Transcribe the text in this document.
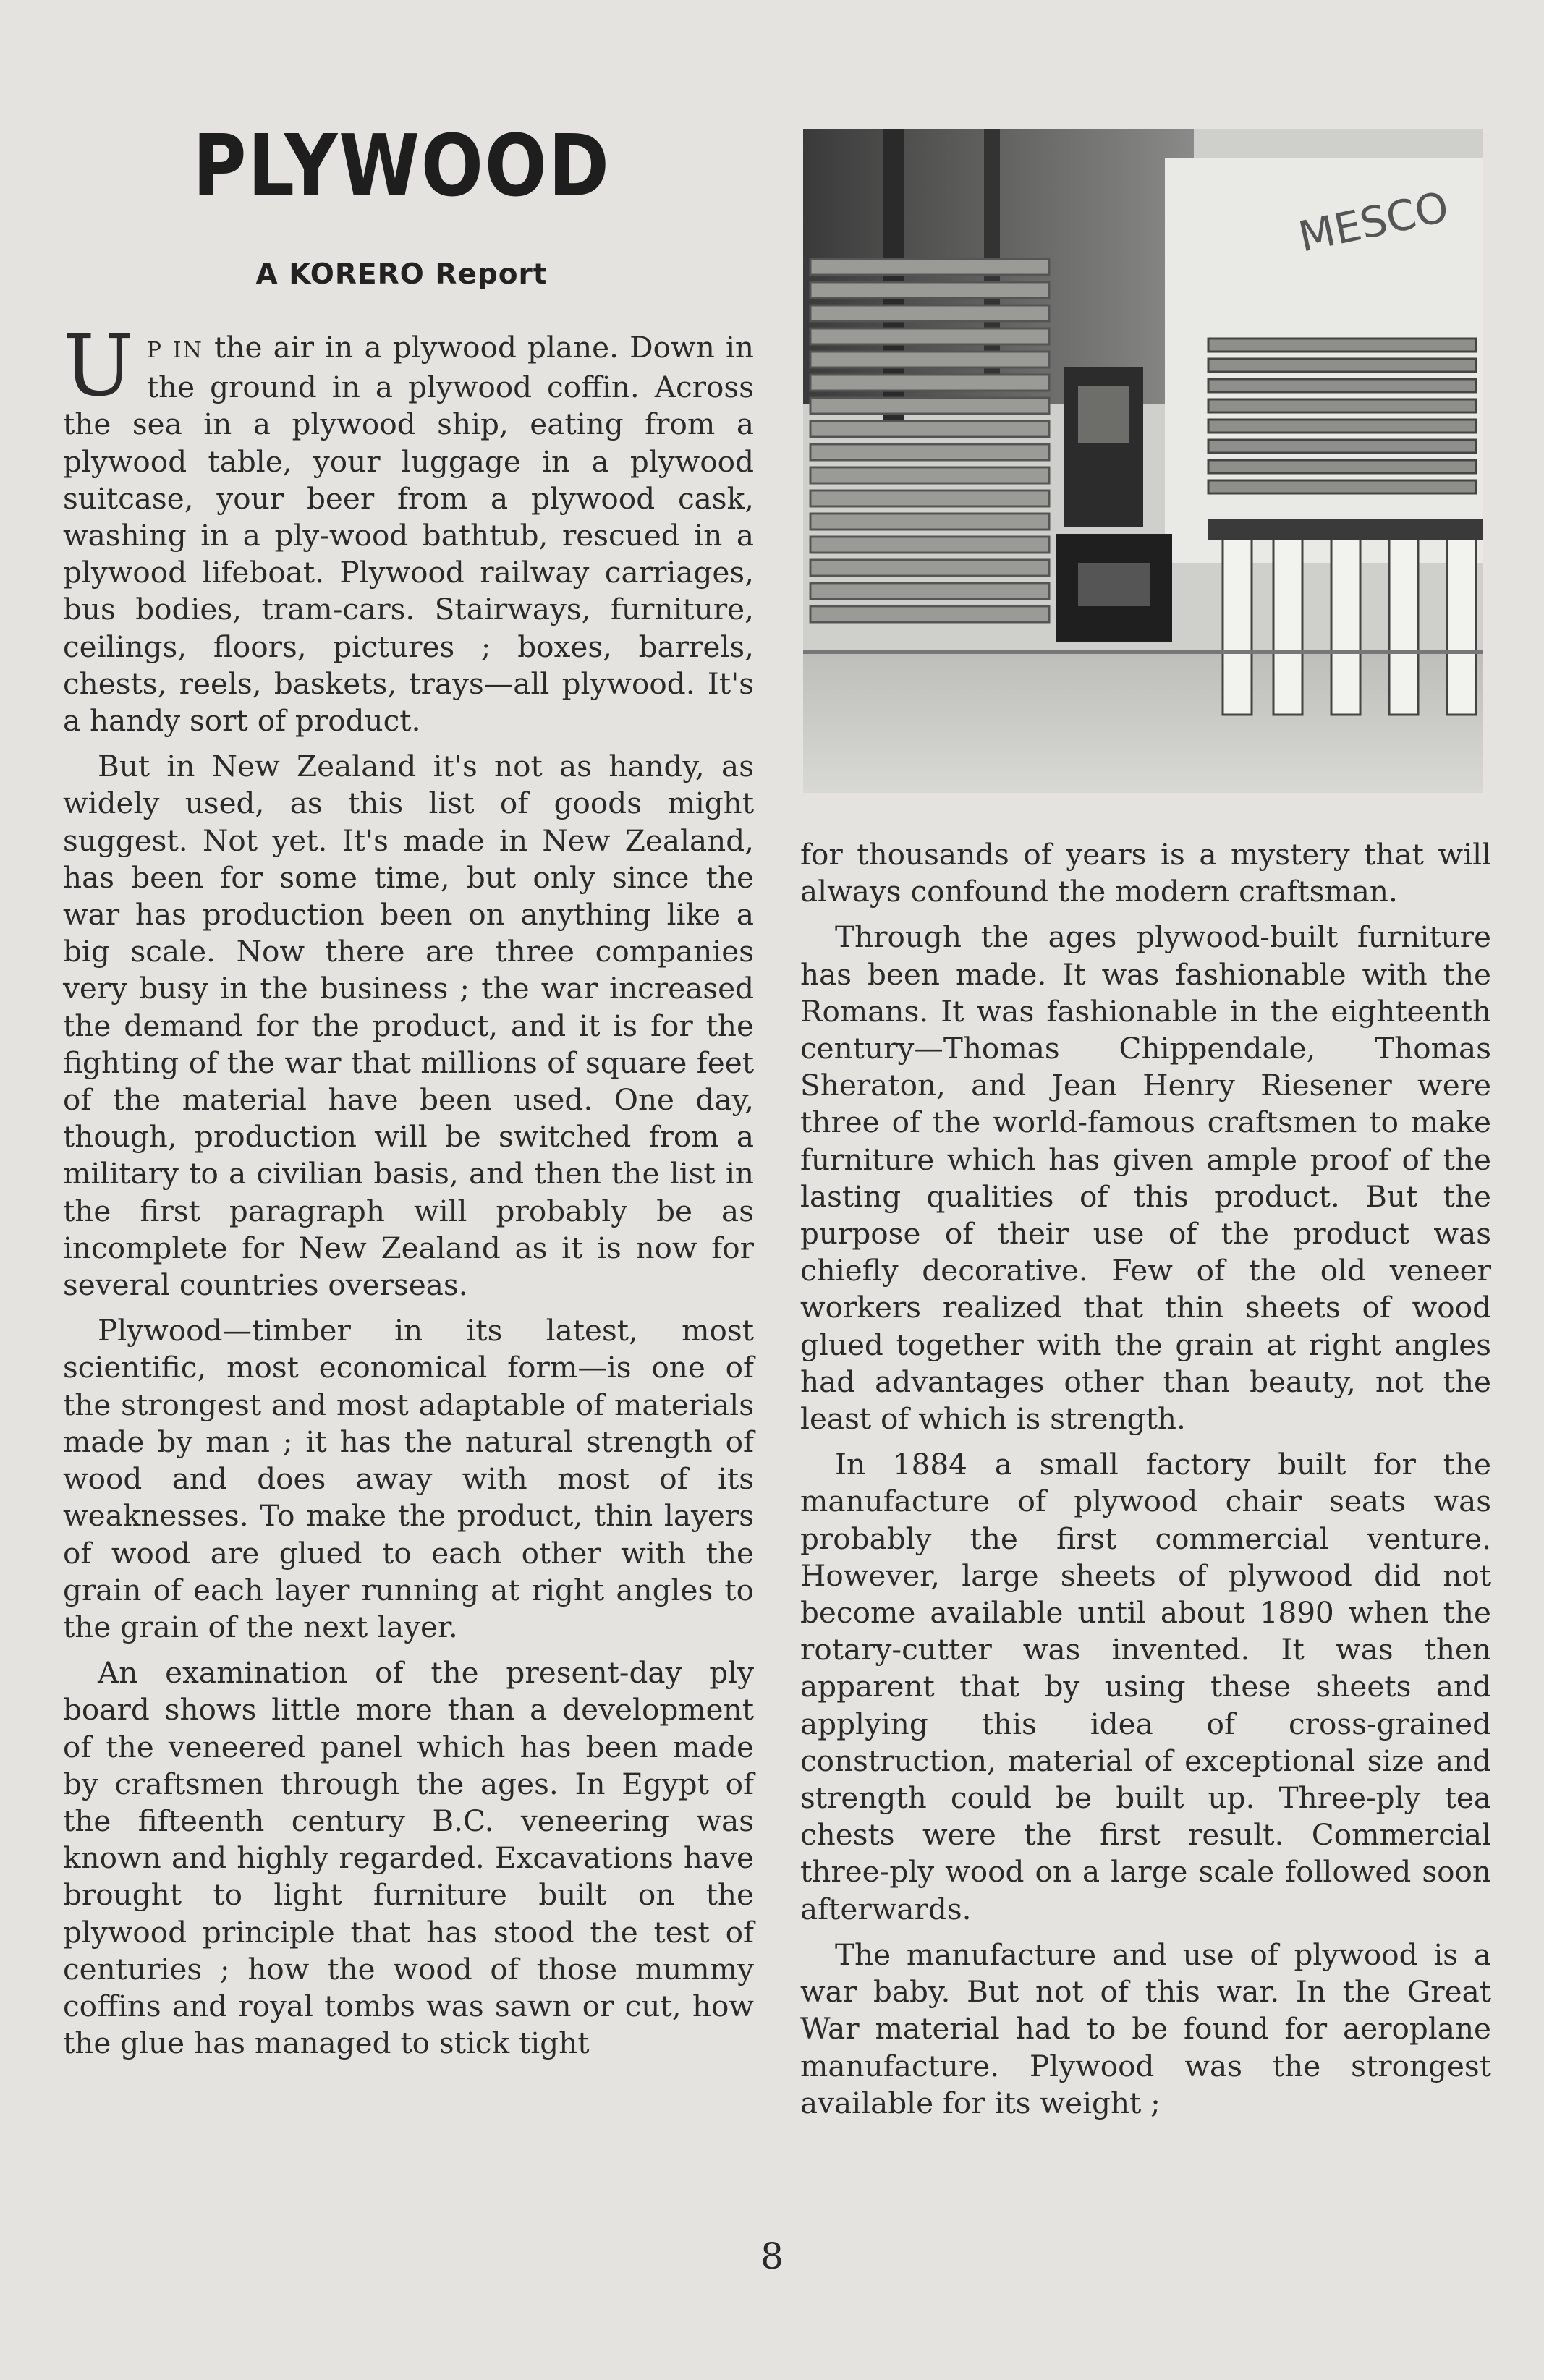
PLYWOOD
A KORERO Report
MESCO

U P IN the air in a plywood plane. Down in the ground in a plywood coffin. Across the sea in a plywood ship, eating from a plywood table, your luggage in a plywood suitcase, your beer from a plywood cask, washing in a ply-wood bathtub, rescued in a plywood lifeboat. Plywood railway carriages, bus bodies, tram-cars. Stairways, furniture, ceilings, floors, pictures ; boxes, barrels, chests, reels, baskets, trays—all plywood. It's a handy sort of product.

But in New Zealand it's not as handy, as widely used, as this list of goods might suggest. Not yet. It's made in New Zealand, has been for some time, but only since the war has production been on anything like a big scale. Now there are three companies very busy in the business ; the war increased the demand for the product, and it is for the fighting of the war that millions of square feet of the material have been used. One day, though, production will be switched from a military to a civilian basis, and then the list in the first paragraph will probably be as incomplete for New Zealand as it is now for several countries overseas.

Plywood—timber in its latest, most scientific, most economical form—is one of the strongest and most adaptable of materials made by man ; it has the natural strength of wood and does away with most of its weaknesses. To make the product, thin layers of wood are glued to each other with the grain of each layer running at right angles to the grain of the next layer.

An examination of the present-day ply board shows little more than a development of the veneered panel which has been made by craftsmen through the ages. In Egypt of the fifteenth century B.C. veneering was known and highly regarded. Excavations have brought to light furniture built on the plywood principle that has stood the test of centuries ; how the wood of those mummy coffins and royal tombs was sawn or cut, how the glue has managed to stick tight

for thousands of years is a mystery that will always confound the modern craftsman.

Through the ages plywood-built furniture has been made. It was fashionable with the Romans. It was fashionable in the eighteenth century—Thomas Chippendale, Thomas Sheraton, and Jean Henry Riesener were three of the world-famous craftsmen to make furniture which has given ample proof of the lasting qualities of this product. But the purpose of their use of the product was chiefly decorative. Few of the old veneer workers realized that thin sheets of wood glued together with the grain at right angles had advantages other than beauty, not the least of which is strength.

In 1884 a small factory built for the manufacture of plywood chair seats was probably the first commercial venture. However, large sheets of plywood did not become available until about 1890 when the rotary-cutter was invented. It was then apparent that by using these sheets and applying this idea of cross-grained construction, material of exceptional size and strength could be built up. Three-ply tea chests were the first result. Commercial three-ply wood on a large scale followed soon afterwards.

The manufacture and use of plywood is a war baby. But not of this war. In the Great War material had to be found for aeroplane manufacture. Plywood was the strongest available for its weight ;

8
